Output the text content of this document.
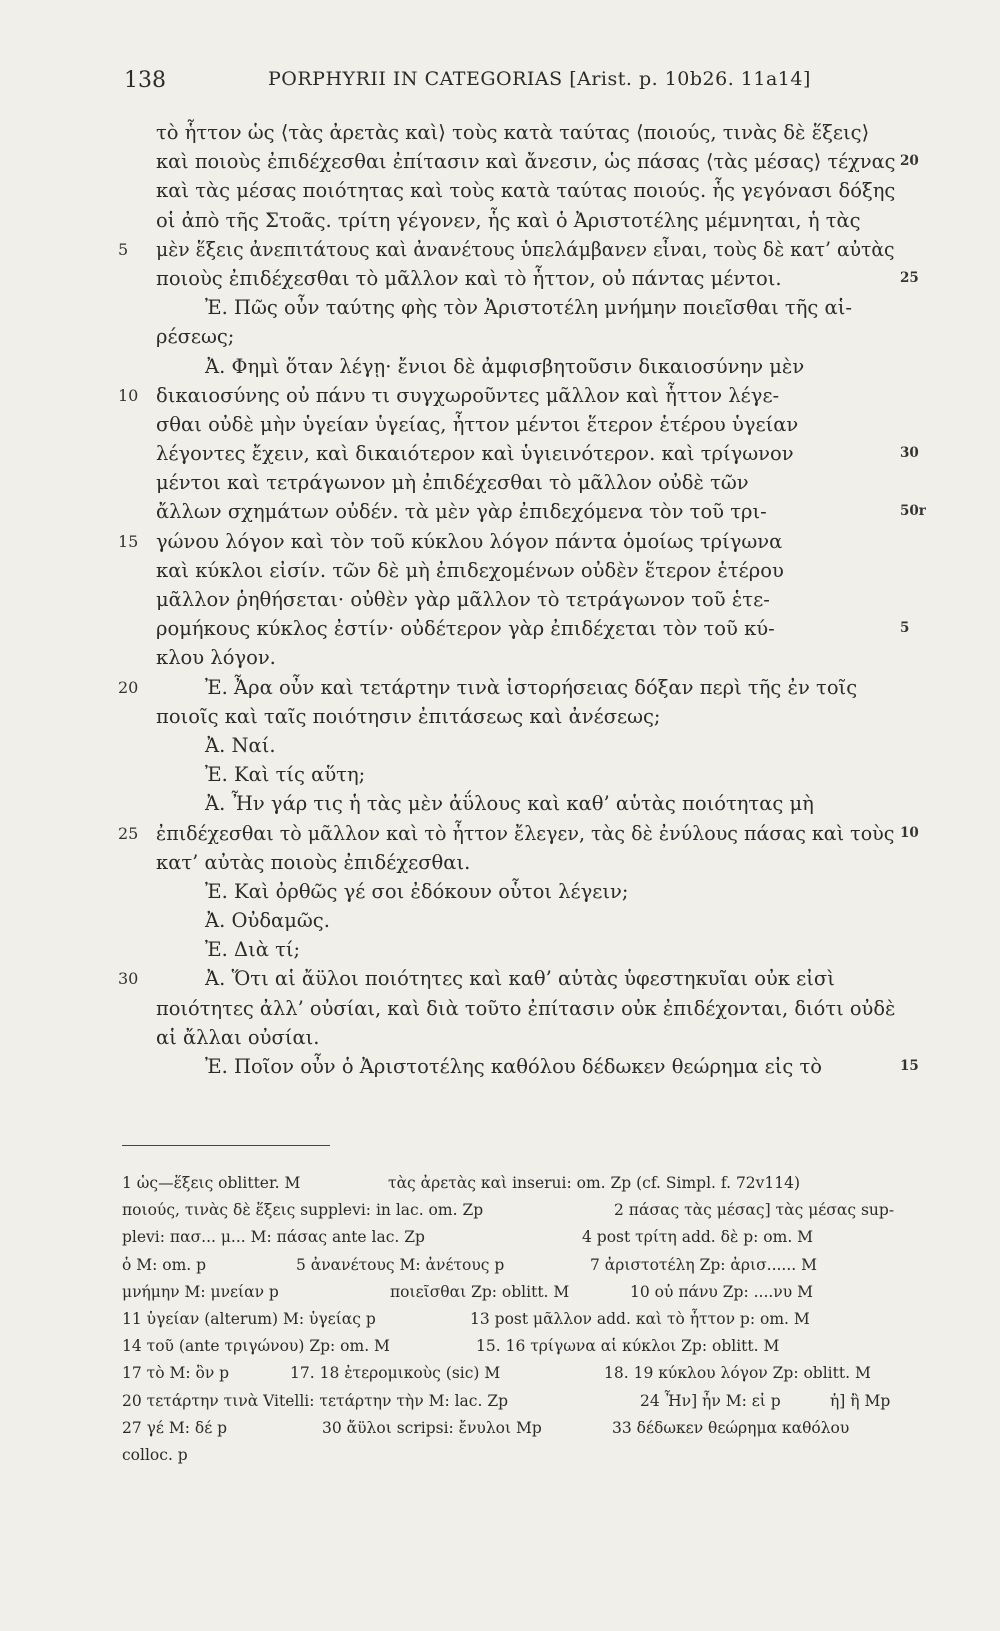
138	PORPHYRII IN CATEGORIAS [Arist. p. 10b26. 11a14]
τὸ ἧττον ὡς ⟨τὰς ἀρετὰς καὶ⟩ τοὺς κατὰ ταύτας ⟨ποιούς, τινὰς δὲ ἕξεις⟩
καὶ ποιοὺς ἐπιδέχεσθαι ἐπίτασιν καὶ ἄνεσιν, ὡς πάσας ⟨τὰς μέσας⟩ τέχνας 20
καὶ τὰς μέσας ποιότητας καὶ τοὺς κατὰ ταύτας ποιούς. ἧς γεγόνασι δόξης
οἱ ἀπὸ τῆς Στοᾶς. τρίτη γέγονεν, ἧς καὶ ὁ Ἀριστοτέλης μέμνηται, ἡ τὰς
5	μὲν ἕξεις ἀνεπιτάτους καὶ ἀνανέτους ὑπελάμβανεν εἶναι, τοὺς δὲ κατ’ αὐτὰς
ποιοὺς ἐπιδέχεσθαι τὸ μᾶλλον καὶ τὸ ἧττον, οὐ πάντας μέντοι.	25
Ἐ. Πῶς οὖν ταύτης φὴς τὸν Ἀριστοτέλη μνήμην ποιεῖσθαι τῆς αἱ-
ρέσεως;
Ἀ. Φημὶ ὅταν λέγῃ· ἔνιοι δὲ ἀμφισβητοῦσιν δικαιοσύνην μὲν
10 δικαιοσύνης οὐ πάνυ τι συγχωροῦντες μᾶλλον καὶ ἧττον λέγε-
σθαι οὐδὲ μὴν ὑγείαν ὑγείας, ἧττον μέντοι ἕτερον ἑτέρου ὑγείαν
λέγοντες ἔχειν, καὶ δικαιότερον καὶ ὑγιεινότερον. καὶ τρίγωνον	30
μέντοι καὶ τετράγωνον μὴ ἐπιδέχεσθαι τὸ μᾶλλον οὐδὲ τῶν
ἄλλων σχημάτων οὐδέν. τὰ μὲν γὰρ ἐπιδεχόμενα τὸν τοῦ τρι-	50r
15 γώνου λόγον καὶ τὸν τοῦ κύκλου λόγον πάντα ὁμοίως τρίγωνα
καὶ κύκλοι εἰσίν. τῶν δὲ μὴ ἐπιδεχομένων οὐδὲν ἕτερον ἑτέρου
μᾶλλον ῥηθήσεται· οὐθὲν γὰρ μᾶλλον τὸ τετράγωνον τοῦ ἑτε-
ρομήκους κύκλος ἐστίν· οὐδέτερον γὰρ ἐπιδέχεται τὸν τοῦ κύ-	5
κλου λόγον.
20	Ἐ. Ἆρα οὖν καὶ τετάρτην τινὰ ἱστορήσειας δόξαν περὶ τῆς ἐν τοῖς
ποιοῖς καὶ ταῖς ποιότησιν ἐπιτάσεως καὶ ἀνέσεως;
Ἀ. Ναί.
Ἐ. Καὶ τίς αὕτη;
Ἀ. Ἦν γάρ τις ἡ τὰς μὲν ἀΰλους καὶ καθ’ αὑτὰς ποιότητας μὴ
25 ἐπιδέχεσθαι τὸ μᾶλλον καὶ τὸ ἧττον ἔλεγεν, τὰς δὲ ἐνύλους πάσας καὶ τοὺς 10
κατ’ αὐτὰς ποιοὺς ἐπιδέχεσθαι.
Ἐ. Καὶ ὀρθῶς γέ σοι ἐδόκουν οὗτοι λέγειν;
Ἀ. Οὐδαμῶς.
Ἐ. Διὰ τί;
30	Ἀ. Ὅτι αἱ ἄϋλοι ποιότητες καὶ καθ’ αὑτὰς ὑφεστηκυῖαι οὐκ εἰσὶ
ποιότητες ἀλλ’ οὐσίαι, καὶ διὰ τοῦτο ἐπίτασιν οὐκ ἐπιδέχονται, διότι οὐδὲ
αἱ ἄλλαι οὐσίαι.
Ἐ. Ποῖον οὖν ὁ Ἀριστοτέλης καθόλου δέδωκεν θεώρημα εἰς τὸ	15
1 ὡς—ἕξεις oblitter. M	τὰς ἀρετὰς καὶ inserui: om. Zp (cf. Simpl. f. 72v114)
ποιούς, τινὰς δὲ ἕξεις supplevi: in lac. om. Zp	2 πάσας τὰς μέσας] τὰς μέσας sup-
plevi: πασ... μ... M: πάσας ante lac. Zp	4 post τρίτη add. δὲ p: om. M
ὁ M: om. p	5 ἀνανέτους M: ἀνέτους p	7 ἀριστοτέλη Zp: ἀρισ...... M
μνήμην M: μνείαν p	ποιεῖσθαι Zp: oblitt. M	10 οὐ πάνυ Zp: ....νυ M
11 ὑγείαν (alterum) M: ὑγείας p	13 post μᾶλλον add. καὶ τὸ ἧττον p: om. M
14 τοῦ (ante τριγώνου) Zp: om. M	15. 16 τρίγωνα αἱ κύκλοι Zp: oblitt. M
17 τὸ M: ὃν p	17. 18 ἑτερομικοὺς (sic) M	18. 19 κύκλου λόγον Zp: oblitt. M
20 τετάρτην τινὰ Vitelli: τετάρτην τὴν M: lac. Zp	24 Ἦν] ἦν M: εἰ p	ἡ] ἢ Mp
27 γέ M: δέ p	30 ἄϋλοι scripsi: ἔνυλοι Mp	33 δέδωκεν θεώρημα καθόλου
colloc. p
